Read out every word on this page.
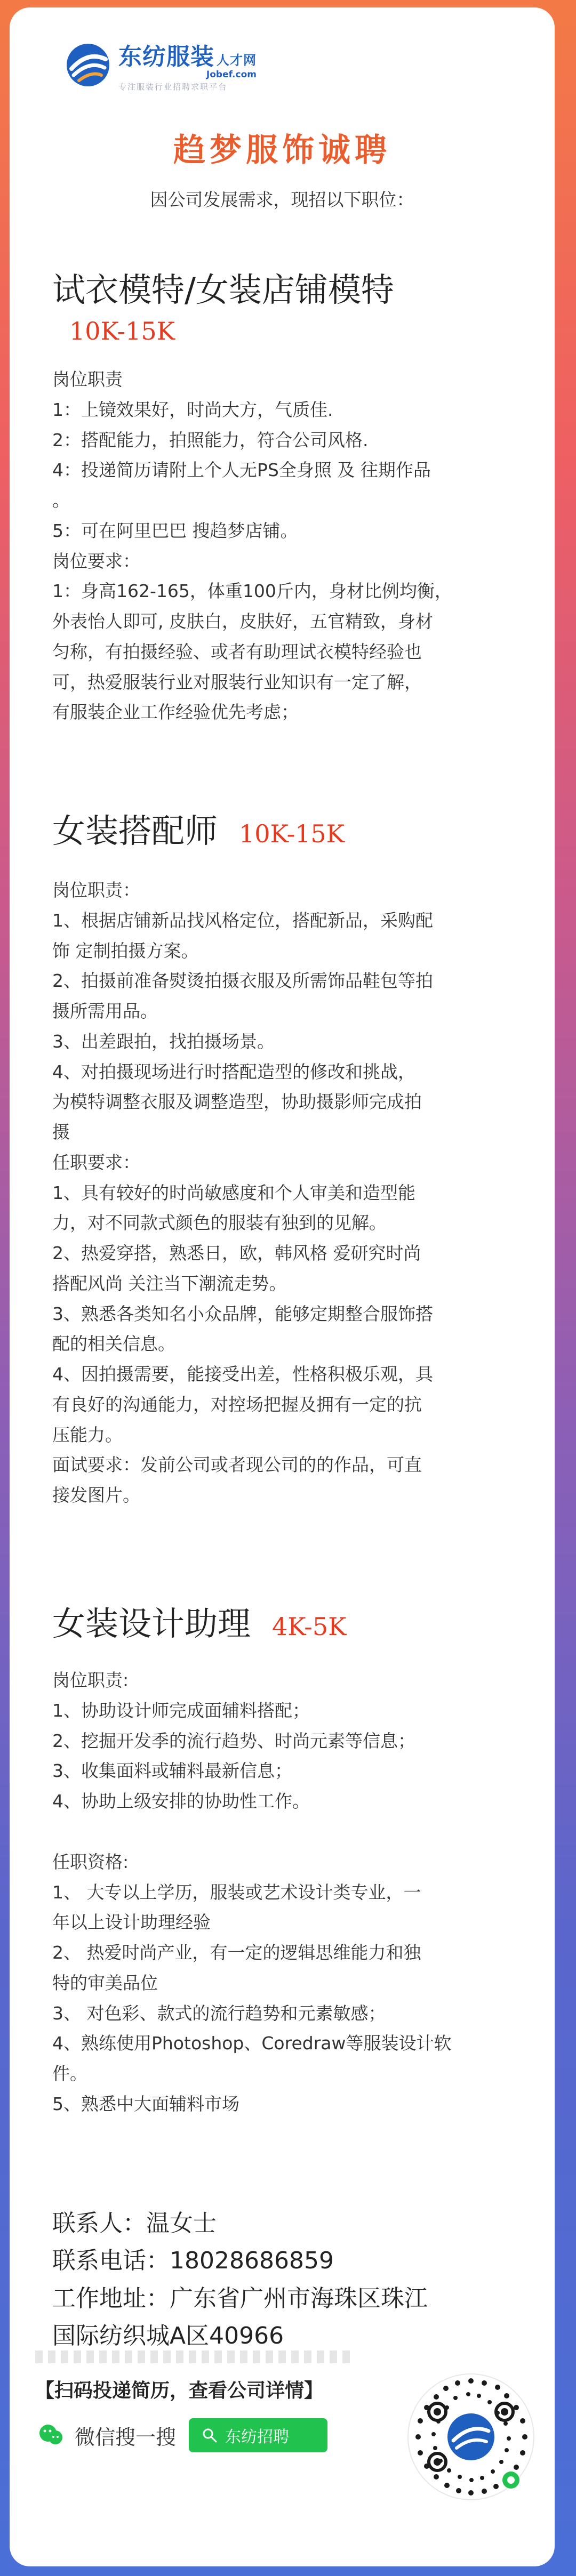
东纺服装 人才网
Jobef.com
专注服装行业招聘求职平台
趋梦服饰诚聘
因公司发展需求，现招以下职位：
试衣模特/女装店铺模特
10K-15K

岗位职责

1：上镜效果好，时尚大方，气质佳.

2：搭配能力，拍照能力，符合公司风格.

4：投递简历请附上个人无PS全身照 及 往期作品

。

5：可在阿里巴巴 搜趋梦店铺。

岗位要求：

1：身高162-165，体重100斤内，身材比例均衡，

外表怡人即可, 皮肤白，皮肤好，五官精致，身材

匀称，有拍摄经验、或者有助理试衣模特经验也

可，热爱服装行业对服装行业知识有一定了解，

有服装企业工作经验优先考虑；

女装搭配师 10K-15K

岗位职责：

1、根据店铺新品找风格定位，搭配新品，采购配

饰 定制拍摄方案。

2、拍摄前准备熨烫拍摄衣服及所需饰品鞋包等拍

摄所需用品。

3、出差跟拍，找拍摄场景。

4、对拍摄现场进行时搭配造型的修改和挑战，

为模特调整衣服及调整造型，协助摄影师完成拍

摄

任职要求：

1、具有较好的时尚敏感度和个人审美和造型能

力，对不同款式颜色的服装有独到的见解。

2、热爱穿搭，熟悉日，欧，韩风格 爱研究时尚

搭配风尚 关注当下潮流走势。

3、熟悉各类知名小众品牌，能够定期整合服饰搭

配的相关信息。

4、因拍摄需要，能接受出差，性格积极乐观，具

有良好的沟通能力，对控场把握及拥有一定的抗

压能力。

面试要求：发前公司或者现公司的的作品，可直

接发图片。

女装设计助理 4K-5K

岗位职责:

1、协助设计师完成面辅料搭配；

2、挖掘开发季的流行趋势、时尚元素等信息；

3、收集面料或辅料最新信息；

4、协助上级安排的协助性工作。

任职资格:

1、 大专以上学历，服装或艺术设计类专业，一

年以上设计助理经验

2、 热爱时尚产业，有一定的逻辑思维能力和独

特的审美品位

3、 对色彩、款式的流行趋势和元素敏感；

4、熟练使用Photoshop、Coredraw等服装设计软

件。

5、熟悉中大面辅料市场

联系人：温女士

联系电话：18028686859

工作地址：广东省广州市海珠区珠江

国际纺织城A区40966

【扫码投递简历，查看公司详情】
微信搜一搜	东纺招聘
